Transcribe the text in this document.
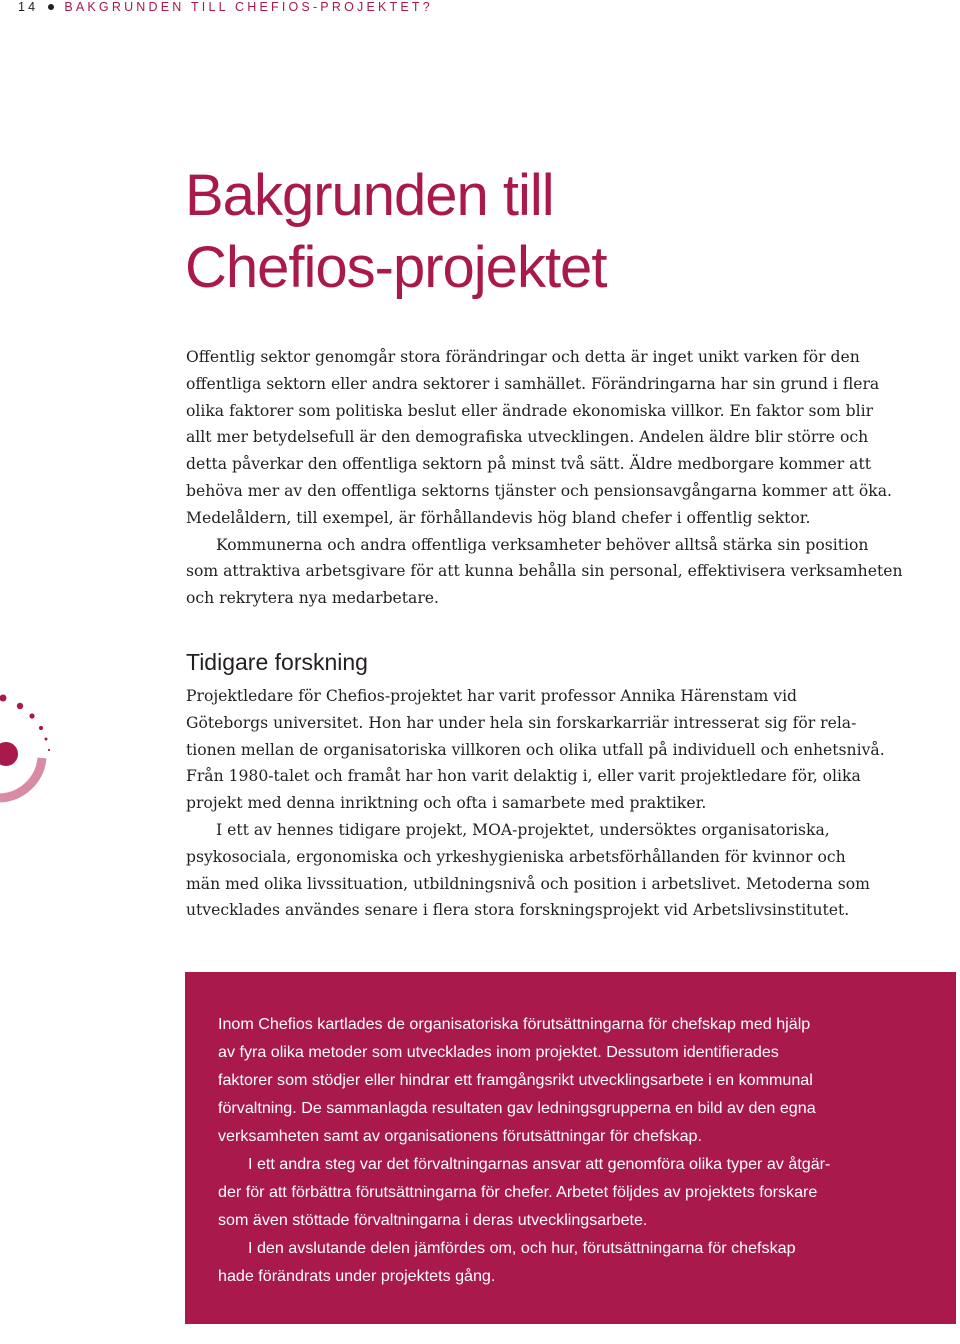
14 BAKGRUNDEN TILL CHEFIOS-PROJEKTET?
Bakgrunden till
Chefios-projektet

Offentlig sektor genomgår stora förändringar och detta är inget unikt varken för den
offentliga sektorn eller andra sektorer i samhället. Förändringarna har sin grund i flera
olika faktorer som politiska beslut eller ändrade ekonomiska villkor. En faktor som blir
allt mer betydelsefull är den demografiska utvecklingen. Andelen äldre blir större och
detta påverkar den offentliga sektorn på minst två sätt. Äldre medborgare kommer att
behöva mer av den offentliga sektorns tjänster och pensionsavgångarna kommer att öka.
Medelåldern, till exempel, är förhållandevis hög bland chefer i offentlig sektor.
Kommunerna och andra offentliga verksamheter behöver alltså stärka sin position
som attraktiva arbetsgivare för att kunna behålla sin personal, effektivisera verksamheten
och rekrytera nya medarbetare.

Tidigare forskning

Projektledare för Chefios-projektet har varit professor Annika Härenstam vid
Göteborgs universitet. Hon har under hela sin forskarkarriär intresserat sig för rela-
tionen mellan de organisatoriska villkoren och olika utfall på individuell och enhetsnivå.
Från 1980-talet och framåt har hon varit delaktig i, eller varit projektledare för, olika
projekt med denna inriktning och ofta i samarbete med praktiker.
I ett av hennes tidigare projekt, MOA-projektet, undersöktes organisatoriska,
psykosociala, ergonomiska och yrkeshygieniska arbetsförhållanden för kvinnor och
män med olika livssituation, utbildningsnivå och position i arbetslivet. Metoderna som
utvecklades användes senare i flera stora forskningsprojekt vid Arbetslivsinstitutet.

Inom Chefios kartlades de organisatoriska förutsättningarna för chefskap med hjälp
av fyra olika metoder som utvecklades inom projektet. Dessutom identifierades
faktorer som stödjer eller hindrar ett framgångsrikt utvecklingsarbete i en kommunal
förvaltning. De sammanlagda resultaten gav ledningsgrupperna en bild av den egna
verksamheten samt av organisationens förutsättningar för chefskap.
I ett andra steg var det förvaltningarnas ansvar att genomföra olika typer av åtgär-
der för att förbättra förutsättningarna för chefer. Arbetet följdes av projektets forskare
som även stöttade förvaltningarna i deras utvecklingsarbete.
I den avslutande delen jämfördes om, och hur, förutsättningarna för chefskap
hade förändrats under projektets gång.
